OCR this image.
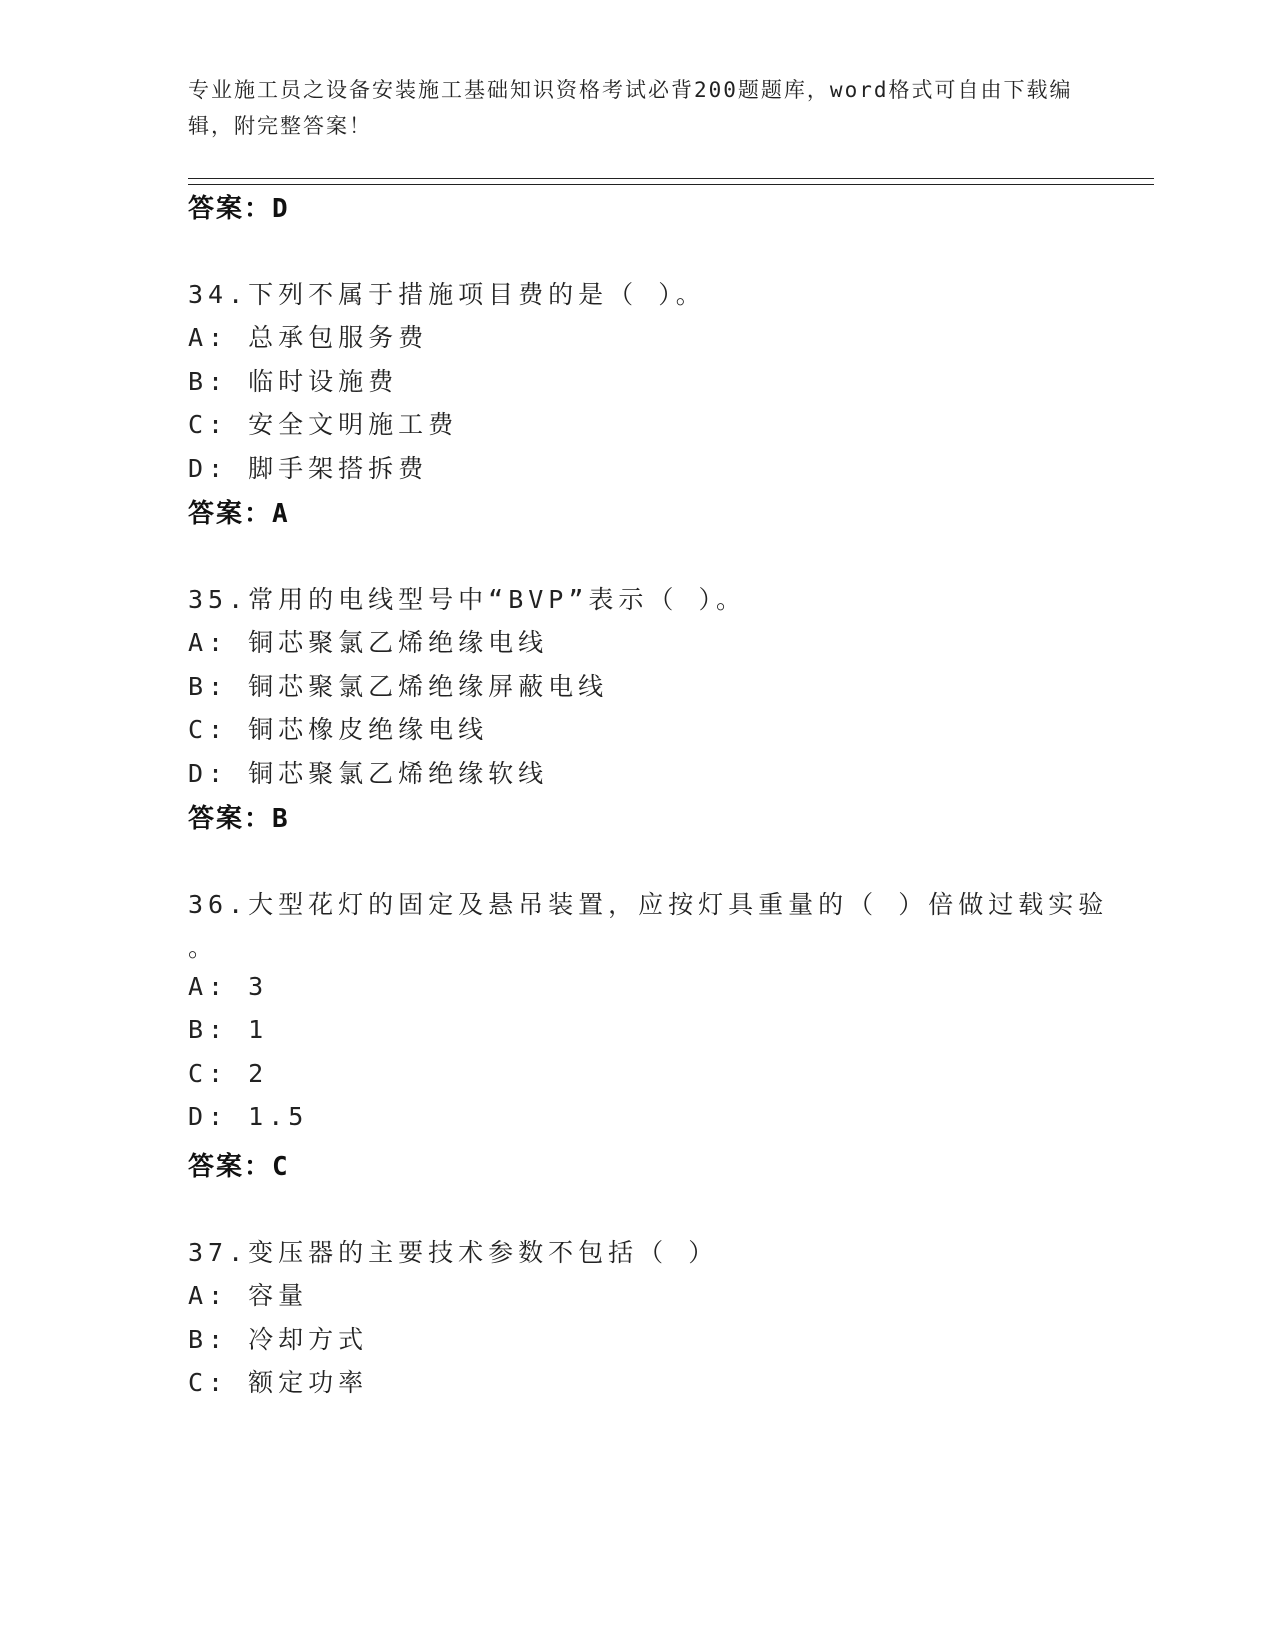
专业施工员之设备安装施工基础知识资格考试必背200题题库，word格式可自由下载编辑，附完整答案！
答案：D
34.下列不属于措施项目费的是（ ）。
A: 总承包服务费
B: 临时设施费
C: 安全文明施工费
D: 脚手架搭拆费
答案：A
35.常用的电线型号中“BVP”表示（ ）。
A: 铜芯聚氯乙烯绝缘电线
B: 铜芯聚氯乙烯绝缘屏蔽电线
C: 铜芯橡皮绝缘电线
D: 铜芯聚氯乙烯绝缘软线
答案：B
36.大型花灯的固定及悬吊装置，应按灯具重量的（ ）倍做过载实验
。
A: 3
B: 1
C: 2
D: 1.5
答案：C
37.变压器的主要技术参数不包括（ ）
A: 容量
B: 冷却方式
C: 额定功率
